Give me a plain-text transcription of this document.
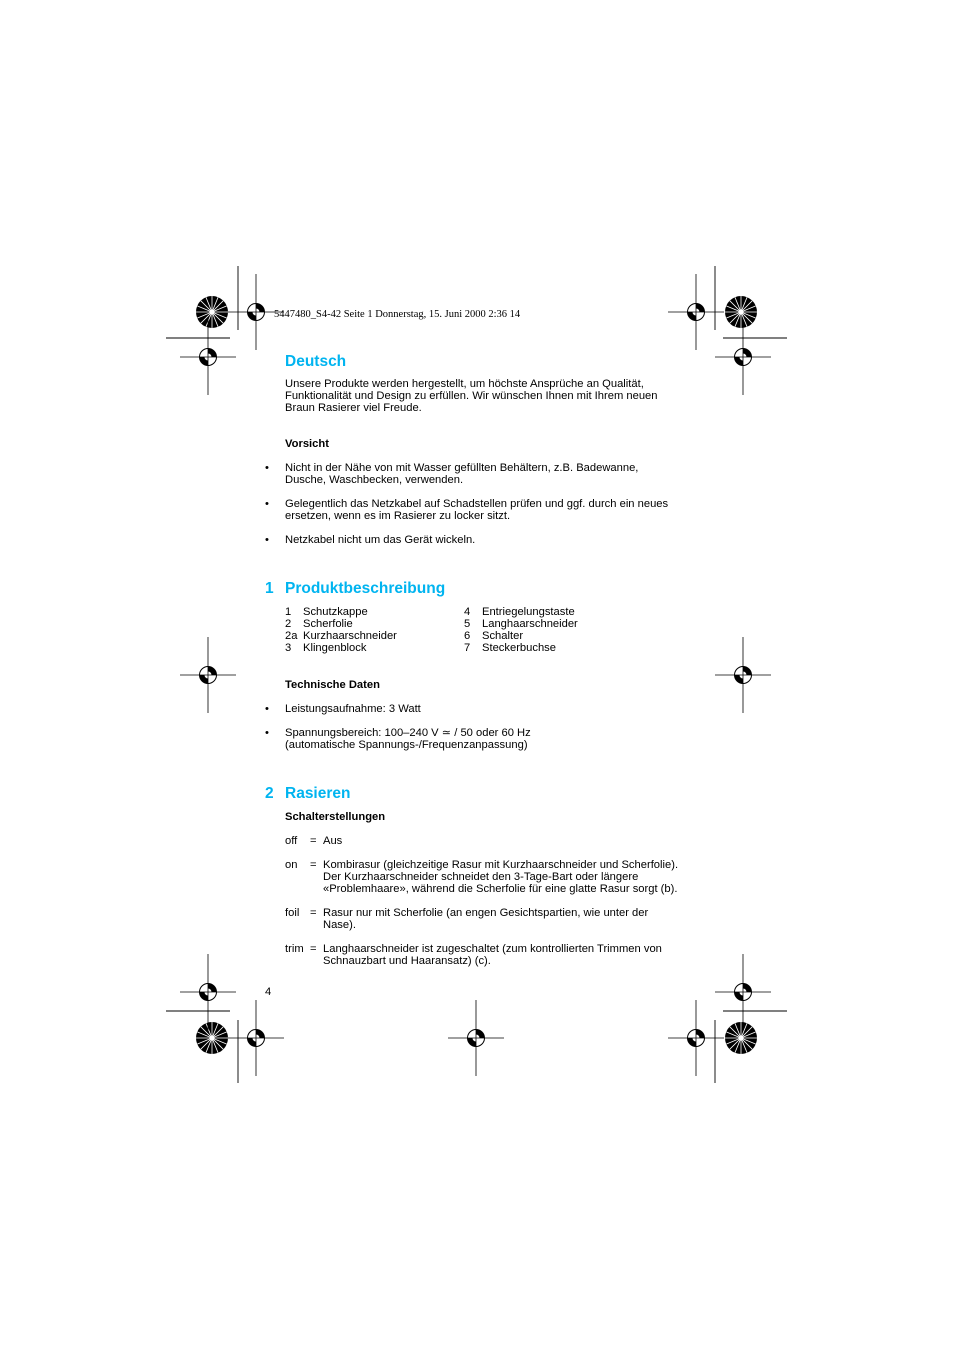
5447480_S4-42 Seite 1 Donnerstag, 15. Juni 2000 2:36 14
Deutsch
Unsere Produkte werden hergestellt, um höchste Ansprüche an Qualität,
Funktionalität und Design zu erfüllen. Wir wünschen Ihnen mit Ihrem neuen
Braun Rasierer viel Freude.
Vorsicht
• Nicht in der Nähe von mit Wasser gefüllten Behältern, z.B. Badewanne,
Dusche, Waschbecken, verwenden.
• Gelegentlich das Netzkabel auf Schadstellen prüfen und ggf. durch ein neues
ersetzen, wenn es im Rasierer zu locker sitzt.
• Netzkabel nicht um das Gerät wickeln.
1 Produktbeschreibung
1 Schutzkappe
2 Scherfolie
2a Kurzhaarschneider
3 Klingenblock
4 Entriegelungstaste
5 Langhaarschneider
6 Schalter
7 Steckerbuchse
Technische Daten
• Leistungsaufnahme: 3 Watt
• Spannungsbereich: 100–240 V ≃ / 50 oder 60 Hz
(automatische Spannungs-/Frequenzanpassung)
2 Rasieren
Schalterstellungen
off = Aus
on = Kombirasur (gleichzeitige Rasur mit Kurzhaarschneider und Scherfolie).
Der Kurzhaarschneider schneidet den 3-Tage-Bart oder längere
«Problemhaare», während die Scherfolie für eine glatte Rasur sorgt (b).
foil = Rasur nur mit Scherfolie (an engen Gesichtspartien, wie unter der
Nase).
trim = Langhaarschneider ist zugeschaltet (zum kontrollierten Trimmen von
Schnauzbart und Haaransatz) (c).
4
